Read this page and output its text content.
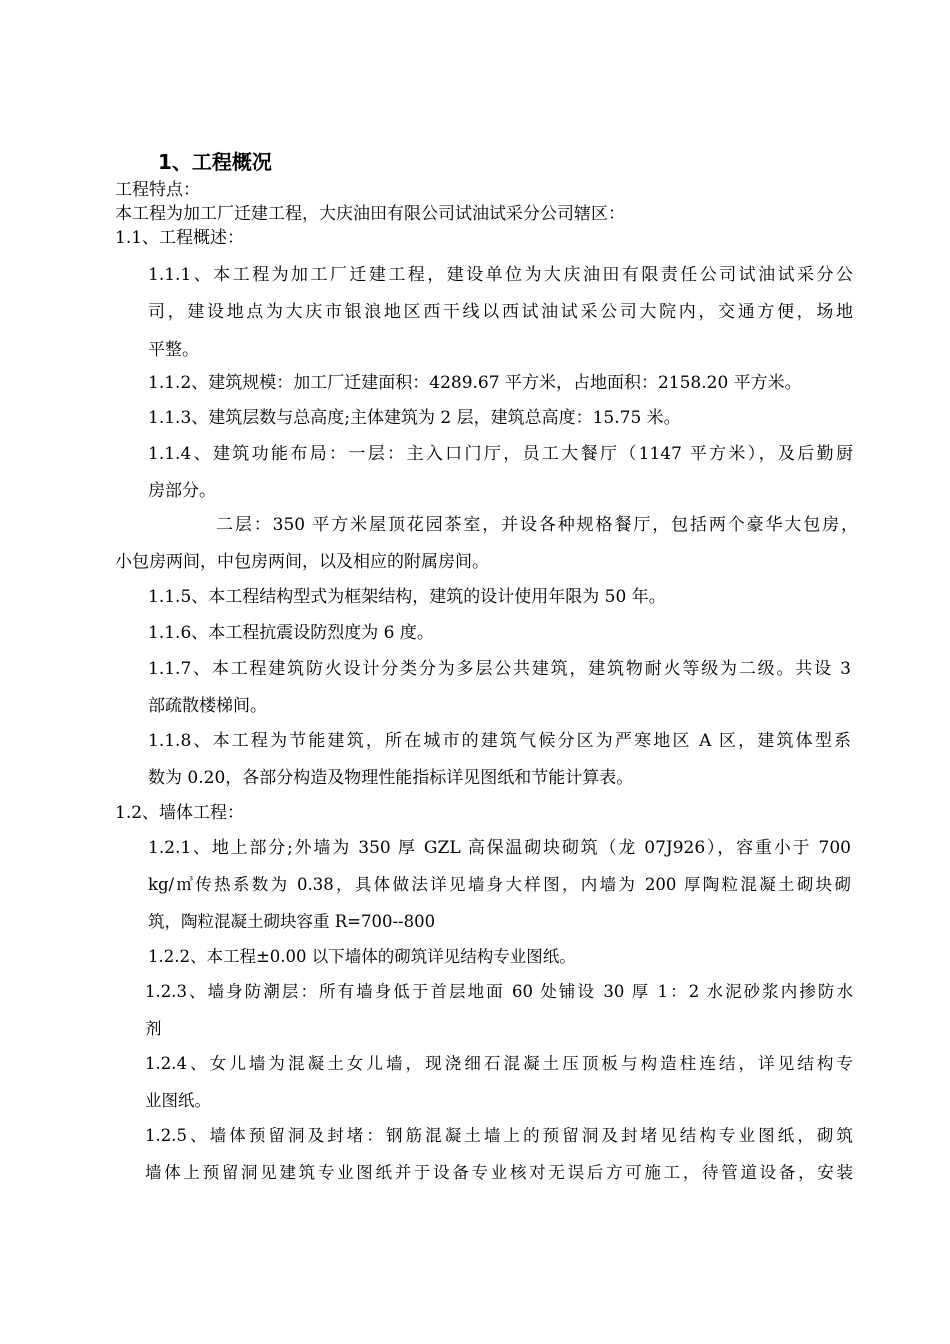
1、工程概况
工程特点：
本工程为加工厂迁建工程，大庆油田有限公司试油试采分公司辖区：
1.1、工程概述：
1.1.1、本工程为加工厂迁建工程，建设单位为大庆油田有限责任公司试油试采分公
司，建设地点为大庆市银浪地区西干线以西试油试采公司大院内，交通方便，场地
平整。
1.1.2、建筑规模：加工厂迁建面积：4289.67 平方米，占地面积：2158.20 平方米。
1.1.3、建筑层数与总高度;主体建筑为 2 层，建筑总高度：15.75 米。
1.1.4、建筑功能布局：一层：主入口门厅，员工大餐厅（1147 平方米），及后勤厨
房部分。
二层：350 平方米屋顶花园茶室，并设各种规格餐厅，包括两个豪华大包房，
小包房两间，中包房两间，以及相应的附属房间。
1.1.5、本工程结构型式为框架结构，建筑的设计使用年限为 50 年。
1.1.6、本工程抗震设防烈度为 6 度。
1.1.7、本工程建筑防火设计分类分为多层公共建筑，建筑物耐火等级为二级。共设 3
部疏散楼梯间。
1.1.8、本工程为节能建筑，所在城市的建筑气候分区为严寒地区 A 区，建筑体型系
数为 0.20，各部分构造及物理性能指标详见图纸和节能计算表。
1.2、墙体工程：
1.2.1、地上部分;外墙为 350 厚 GZL 高保温砌块砌筑（龙 07J926），容重小于 700
kg/㎥传热系数为 0.38，具体做法详见墙身大样图，内墙为 200 厚陶粒混凝土砌块砌
筑，陶粒混凝土砌块容重 R=700--800
1.2.2、本工程±0.00 以下墙体的砌筑详见结构专业图纸。
1.2.3、墙身防潮层：所有墙身低于首层地面 60 处铺设 30 厚 1：2 水泥砂浆内掺防水
剂
1.2.4、女儿墙为混凝土女儿墙，现浇细石混凝土压顶板与构造柱连结，详见结构专
业图纸。
1.2.5、墙体预留洞及封堵：钢筋混凝土墙上的预留洞及封堵见结构专业图纸，砌筑
墙体上预留洞见建筑专业图纸并于设备专业核对无误后方可施工，待管道设备，安装
